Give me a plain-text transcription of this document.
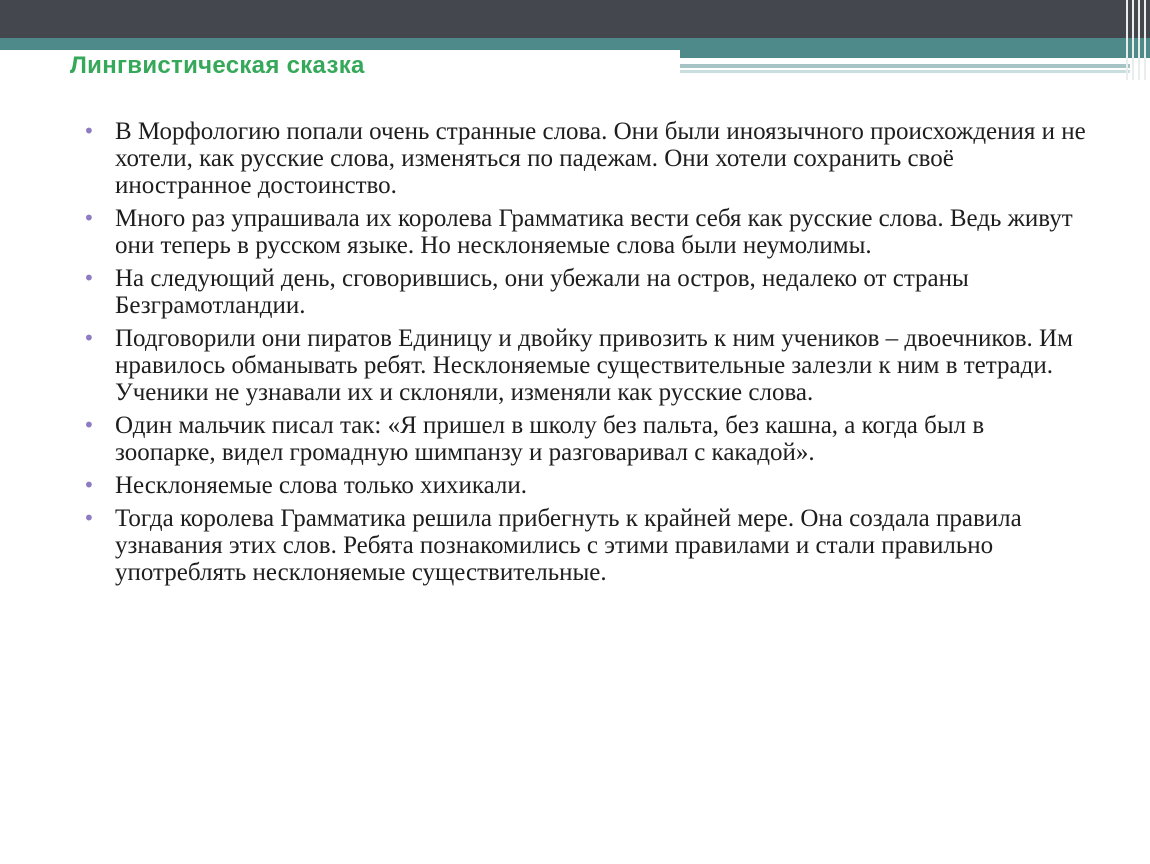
Лингвистическая сказка
• В Морфологию попали очень странные слова. Они были иноязычного происхождения и не хотели, как русские слова, изменяться по падежам. Они хотели сохранить своё иностранное достоинство.
• Много раз упрашивала их королева Грамматика вести себя как русские слова. Ведь живут они теперь в русском языке. Но несклоняемые слова были неумолимы.
• На следующий день, сговорившись, они убежали на остров, недалеко от страны Безграмотландии.
• Подговорили они пиратов Единицу и двойку привозить к ним учеников – двоечников. Им нравилось обманывать ребят. Несклоняемые существительные залезли к ним в тетради. Ученики не узнавали их и склоняли, изменяли как русские слова.
• Один мальчик писал так: «Я пришел в школу без пальта, без кашна, а когда был в зоопарке, видел громадную шимпанзу и разговаривал с какадой».
• Несклоняемые слова только хихикали.
• Тогда королева Грамматика решила прибегнуть к крайней мере. Она создала правила узнавания этих слов. Ребята познакомились с этими правилами и стали правильно употреблять несклоняемые существительные.
